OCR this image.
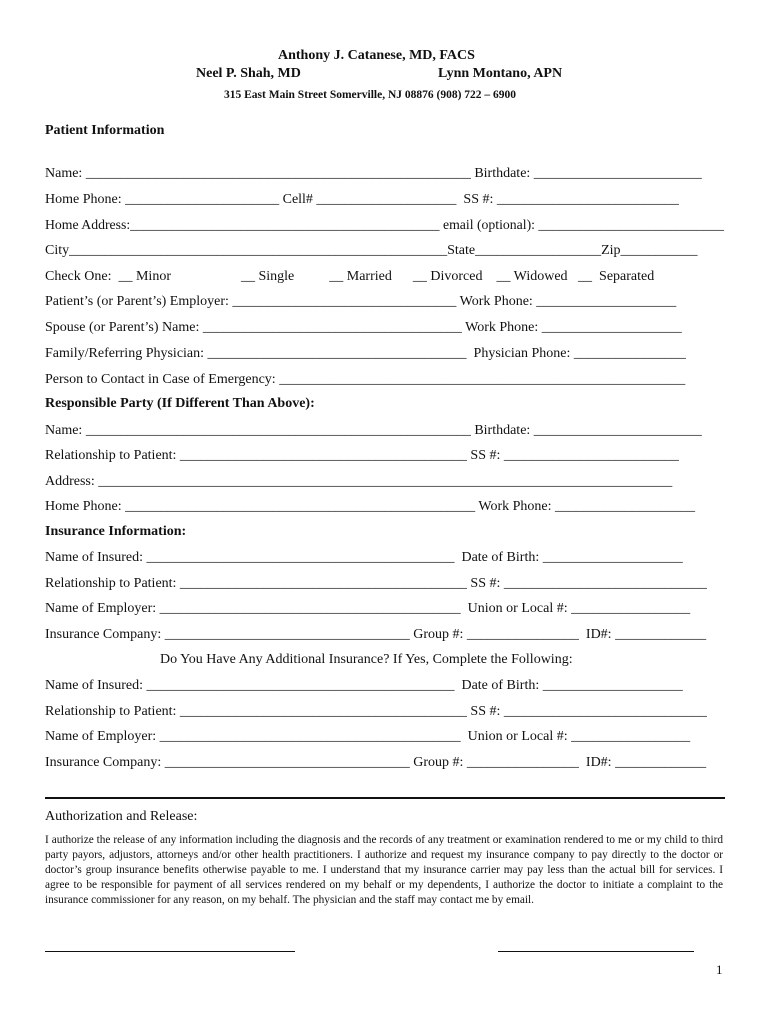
Anthony J. Catanese, MD, FACS
Neel P. Shah, MD	Lynn Montano, APN
315 East Main Street Somerville, NJ 08876 (908) 722 – 6900
Patient Information
Name: _______________________________________________________ Birthdate: ________________________
Home Phone: ______________________ Cell# ____________________  SS #: __________________________
Home Address:_____________________________________________ email (optional): ___________________________
City______________________________________________________State__________________Zip___________
Check One:  __ Minor                    __ Single          __ Married      __ Divorced    __ Widowed   __  Separated
Patient’s (or Parent’s) Employer: ________________________________ Work Phone: ____________________
Spouse (or Parent’s) Name: _____________________________________ Work Phone: ____________________
Family/Referring Physician: _____________________________________  Physician Phone: ________________
Person to Contact in Case of Emergency: __________________________________________________________
Responsible Party (If Different Than Above):
Name: _______________________________________________________ Birthdate: ________________________
Relationship to Patient: _________________________________________ SS #: _________________________
Address: __________________________________________________________________________________
Home Phone: __________________________________________________ Work Phone: ____________________
Insurance Information:
Name of Insured: ____________________________________________  Date of Birth: ____________________
Relationship to Patient: _________________________________________ SS #: _____________________________
Name of Employer: ___________________________________________  Union or Local #: _________________
Insurance Company: ___________________________________ Group #: ________________  ID#: _____________
Do You Have Any Additional Insurance? If Yes, Complete the Following:
Name of Insured: ____________________________________________  Date of Birth: ____________________
Relationship to Patient: _________________________________________ SS #: _____________________________
Name of Employer: ___________________________________________  Union or Local #: _________________
Insurance Company: ___________________________________ Group #: ________________  ID#: _____________
Authorization and Release:
I authorize the release of any information including the diagnosis and the records of any treatment or examination rendered to me or my child to third party payors, adjustors, attorneys and/or other health practitioners. I authorize and request my insurance company to pay directly to the doctor or doctor’s group insurance benefits otherwise payable to me. I understand that my insurance carrier may pay less than the actual bill for services. I agree to be responsible for payment of all services rendered on my behalf or my dependents, I authorize the doctor to initiate a complaint to the insurance commissioner for any reason, on my behalf. The physician and the staff may contact me by email.
1
